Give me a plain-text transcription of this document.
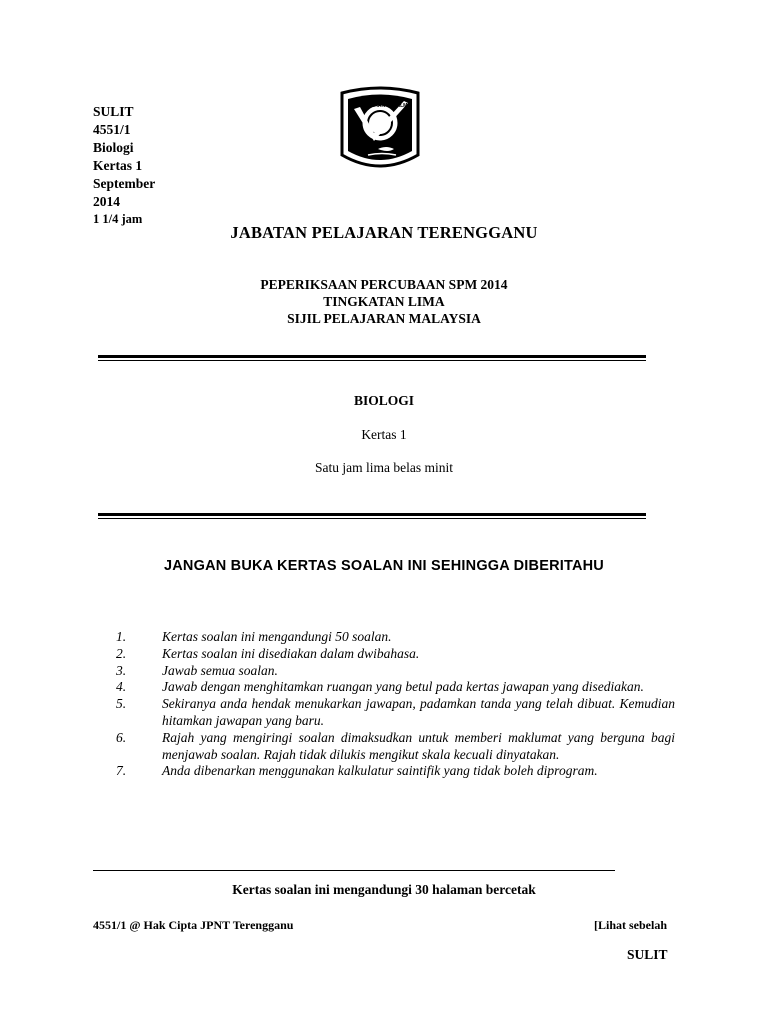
SULIT
4551/1
Biologi
Kertas 1
September
2014
1 1/4 jam
PENGGUNAAN DAN ILMU
JABATAN PELAJARAN TERENGGANU
PEPERIKSAAN PERCUBAAN SPM 2014
TINGKATAN LIMA
SIJIL PELAJARAN MALAYSIA
BIOLOGI
Kertas 1
Satu jam lima belas minit
JANGAN BUKA KERTAS SOALAN INI SEHINGGA DIBERITAHU
1.	Kertas soalan ini mengandungi 50 soalan.
2.	Kertas soalan ini disediakan dalam dwibahasa.
3.	Jawab semua soalan.
4.	Jawab dengan menghitamkan ruangan yang betul pada kertas jawapan yang disediakan.
5.	Sekiranya anda hendak menukarkan jawapan, padamkan tanda yang telah dibuat. Kemudian hitamkan jawapan yang baru.
6.	Rajah yang mengiringi soalan dimaksudkan untuk memberi maklumat yang berguna bagi menjawab soalan. Rajah tidak dilukis mengikut skala kecuali dinyatakan.
7.	Anda dibenarkan menggunakan kalkulatur saintifik yang tidak boleh diprogram.
Kertas soalan ini mengandungi 30 halaman bercetak
4551/1 @ Hak Cipta JPNT Terengganu	[Lihat sebelah
SULIT
